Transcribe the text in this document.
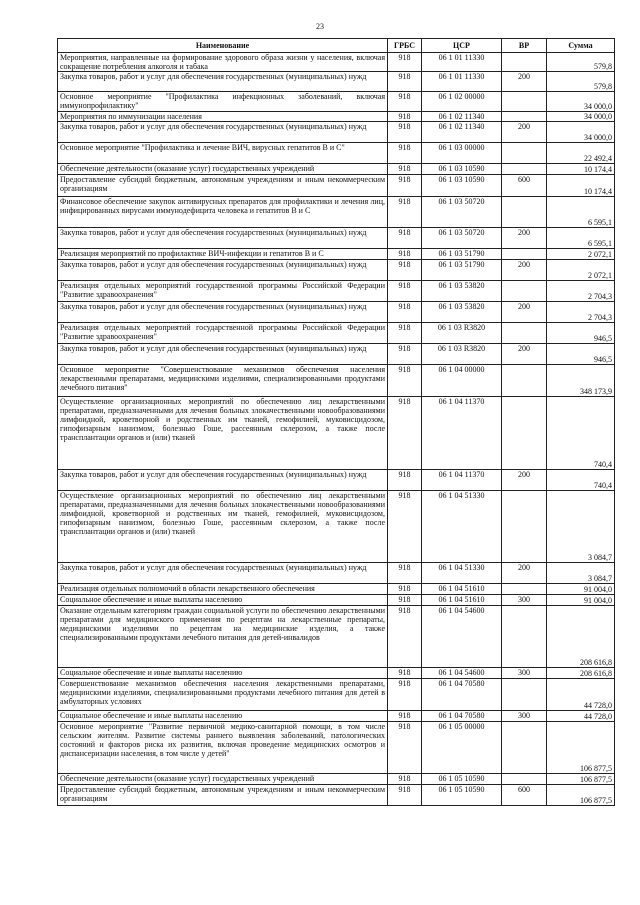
23
Наименование	ГРБС	ЦСР	ВР	Сумма
Мероприятия, направленные на формирование здорового образа жизни у населения, включая сокращение потребления алкоголя и табака	918	06 1 01 11330		579,8
Закупка товаров, работ и услуг для обеспечения государственных (муниципальных) нужд	918	06 1 01 11330	200	579,8
Основное мероприятие "Профилактика инфекционных заболеваний, включая иммунопрофилактику"	918	06 1 02 00000		34 000,0
Мероприятия по иммунизации населения	918	06 1 02 11340		34 000,0
Закупка товаров, работ и услуг для обеспечения государственных (муниципальных) нужд	918	06 1 02 11340	200	34 000,0
Основное мероприятие "Профилактика и лечение ВИЧ, вирусных гепатитов В и С"	918	06 1 03 00000		22 492,4
Обеспечение деятельности (оказание услуг) государственных учреждений	918	06 1 03 10590		10 174,4
Предоставление субсидий бюджетным, автономным учреждениям и иным некоммерческим организациям	918	06 1 03 10590	600	10 174,4
Финансовое обеспечение закупок антивирусных препаратов для профилактики и лечения лиц, инфицированных вирусами иммунодефицита человека и гепатитов В и С	918	06 1 03 50720		6 595,1
Закупка товаров, работ и услуг для обеспечения государственных (муниципальных) нужд	918	06 1 03 50720	200	6 595,1
Реализация мероприятий по профилактике ВИЧ-инфекции и гепатитов В и С	918	06 1 03 51790		2 072,1
Закупка товаров, работ и услуг для обеспечения государственных (муниципальных) нужд	918	06 1 03 51790	200	2 072,1
Реализация отдельных мероприятий государственной программы Российской Федерации "Развитие здравоохранения"	918	06 1 03 53820		2 704,3
Закупка товаров, работ и услуг для обеспечения государственных (муниципальных) нужд	918	06 1 03 53820	200	2 704,3
Реализация отдельных мероприятий государственной программы Российской Федерации "Развитие здравоохранения"	918	06 1 03 R3820		946,5
Закупка товаров, работ и услуг для обеспечения государственных (муниципальных) нужд	918	06 1 03 R3820	200	946,5
Основное мероприятие "Совершенствование механизмов обеспечения населения лекарственными препаратами, медицинскими изделиями, специализированными продуктами лечебного питания"	918	06 1 04 00000		348 173,9
Осуществление организационных мероприятий по обеспечению лиц лекарственными препаратами, предназначенными для лечения больных злокачественными новообразованиями лимфоидной, кроветворной и родственных им тканей, гемофилией, муковисцидозом, гипофизарным нанизмом, болезнью Гоше, рассеянным склерозом, а также после трансплантации органов и (или) тканей	918	06 1 04 11370		740,4
Закупка товаров, работ и услуг для обеспечения государственных (муниципальных) нужд	918	06 1 04 11370	200	740,4
Осуществление организационных мероприятий по обеспечению лиц лекарственными препаратами, предназначенными для лечения больных злокачественными новообразованиями лимфоидной, кроветворной и родственных им тканей, гемофилией, муковисцидозом, гипофизарным нанизмом, болезнью Гоше, рассеянным склерозом, а также после трансплантации органов и (или) тканей	918	06 1 04 51330		3 084,7
Закупка товаров, работ и услуг для обеспечения государственных (муниципальных) нужд	918	06 1 04 51330	200	3 084,7
Реализация отдельных полномочий в области лекарственного обеспечения	918	06 1 04 51610		91 004,0
Социальное обеспечение и иные выплаты населению	918	06 1 04 51610	300	91 004,0
Оказание отдельным категориям граждан социальной услуги по обеспечению лекарственными препаратами для медицинского применения по рецептам на лекарственные препараты, медицинскими изделиями по рецептам на медицинские изделия, а также специализированными продуктами лечебного питания для детей-инвалидов	918	06 1 04 54600		208 616,8
Социальное обеспечение и иные выплаты населению	918	06 1 04 54600	300	208 616,8
Совершенствование механизмов обеспечения населения лекарственными препаратами, медицинскими изделиями, специализированными продуктами лечебного питания для детей в амбулаторных условиях	918	06 1 04 70580		44 728,0
Социальное обеспечение и иные выплаты населению	918	06 1 04 70580	300	44 728,0
Основное мероприятие "Развитие первичной медико-санитарной помощи, в том числе сельским жителям. Развитие системы раннего выявления заболеваний, патологических состояний и факторов риска их развития, включая проведение медицинских осмотров и диспансеризации населения, в том числе у детей"	918	06 1 05 00000		106 877,5
Обеспечение деятельности (оказание услуг) государственных учреждений	918	06 1 05 10590		106 877,5
Предоставление субсидий бюджетным, автономным учреждениям и иным некоммерческим организациям	918	06 1 05 10590	600	106 877,5
